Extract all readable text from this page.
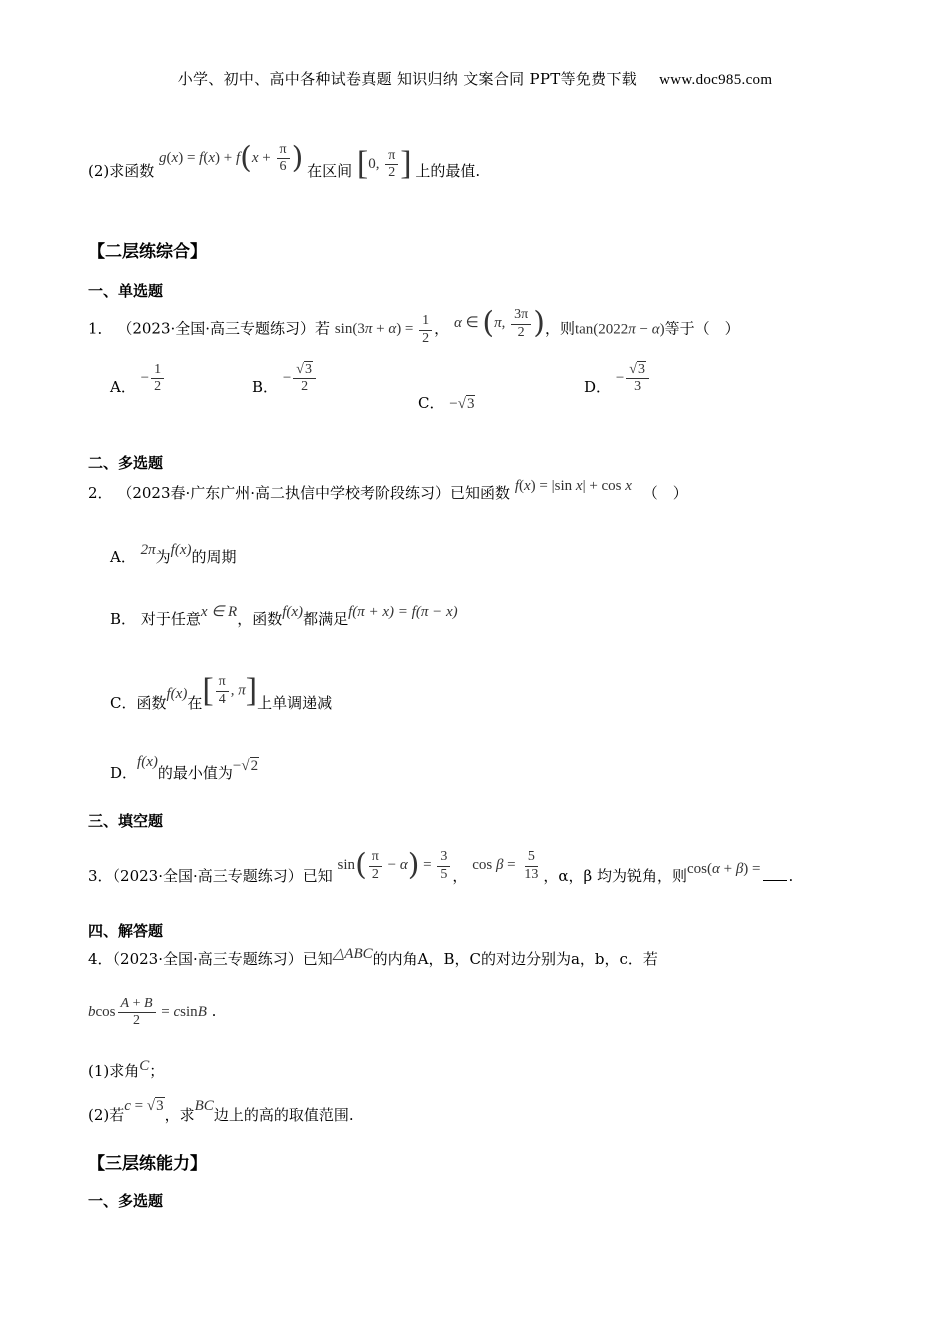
小学、初中、高中各种试卷真题 知识归纳 文案合同 PPT等免费下载 www.doc985.com
(2)求函数 $g(x) = f(x) + f(x + \frac{\pi}{6}$ ) 在区间 [0, $\frac{\pi}{2}$ ] 上的最值.
【二层练综合】
一、单选题
1． （2023·全国·高三专题练习）若 $\sin(3\pi + \alpha) = \frac{1}{2}$ ， α ∈ (π, $\frac{3\pi}{2}$ )，则tan(2022π − α)等于（　）
A． − $\frac{1}{2}$	B． − $\frac{√3}{2}$
C． −√3
D． − $\frac{√3}{3}$
二、多选题
2． （2023春·广东广州·高二执信中学校考阶段练习）已知函数 f(x) = |sin x| + cos x （　）
A． 2π为f(x)的周期
B． 对于任意x ∈ R，函数f(x)都满足f(π + x) = f(π − x)
C．函数f(x)在[ $\frac{\pi}{4}$ , π]上单调递减
D．f(x)的最小值为−√2
三、填空题
3．（2023·全国·高三专题练习）已知 $\sin( \frac{\pi}{2} - \alpha) = \frac{3}{5}$ ， $\cos \beta = \frac{5}{13}$ ，α，β 均为锐角，则cos(α + β) = .
四、解答题
4．（2023·全国·高三专题练习）已知△ABC的内角A，B，C的对边分别为a，b，c．若
bcos $\frac{A + B}{2} = csinB$ .
(1)求角C；
(2)若c = √3，求BC边上的高的取值范围.
【三层练能力】
一、多选题
